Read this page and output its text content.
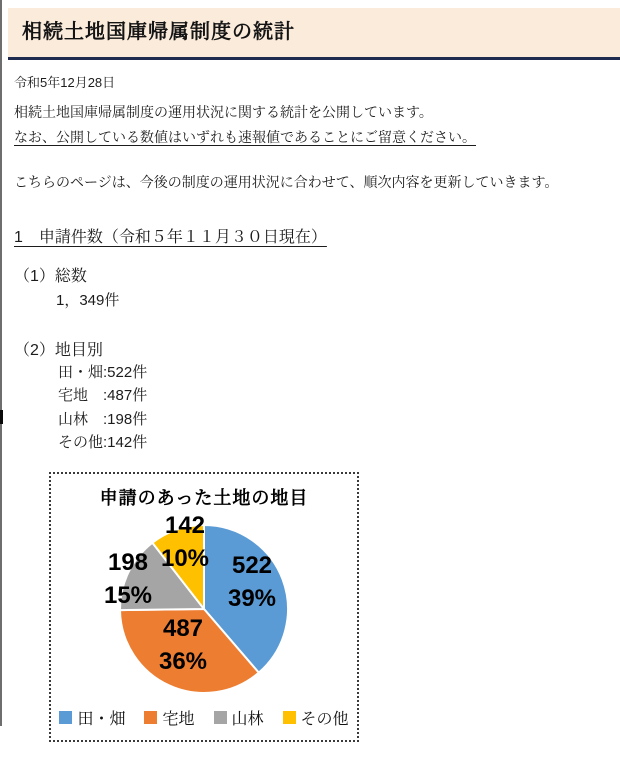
相続土地国庫帰属制度の統計
令和5年12月28日
相続土地国庫帰属制度の運用状況に関する統計を公開しています。
なお、公開している数値はいずれも速報値であることにご留意ください。
こちらのページは、今後の制度の運用状況に合わせて、順次内容を更新していきます。
1　申請件数（令和５年１１月３０日現在）
（1）総数
1，349件
（2）地目別
田・畑:522件
宅地　:487件
山林　:198件
その他:142件
申請のあった土地の地目
522
39%
487
36%
198
15%
142
10%
田・畑 宅地 山林 その他
